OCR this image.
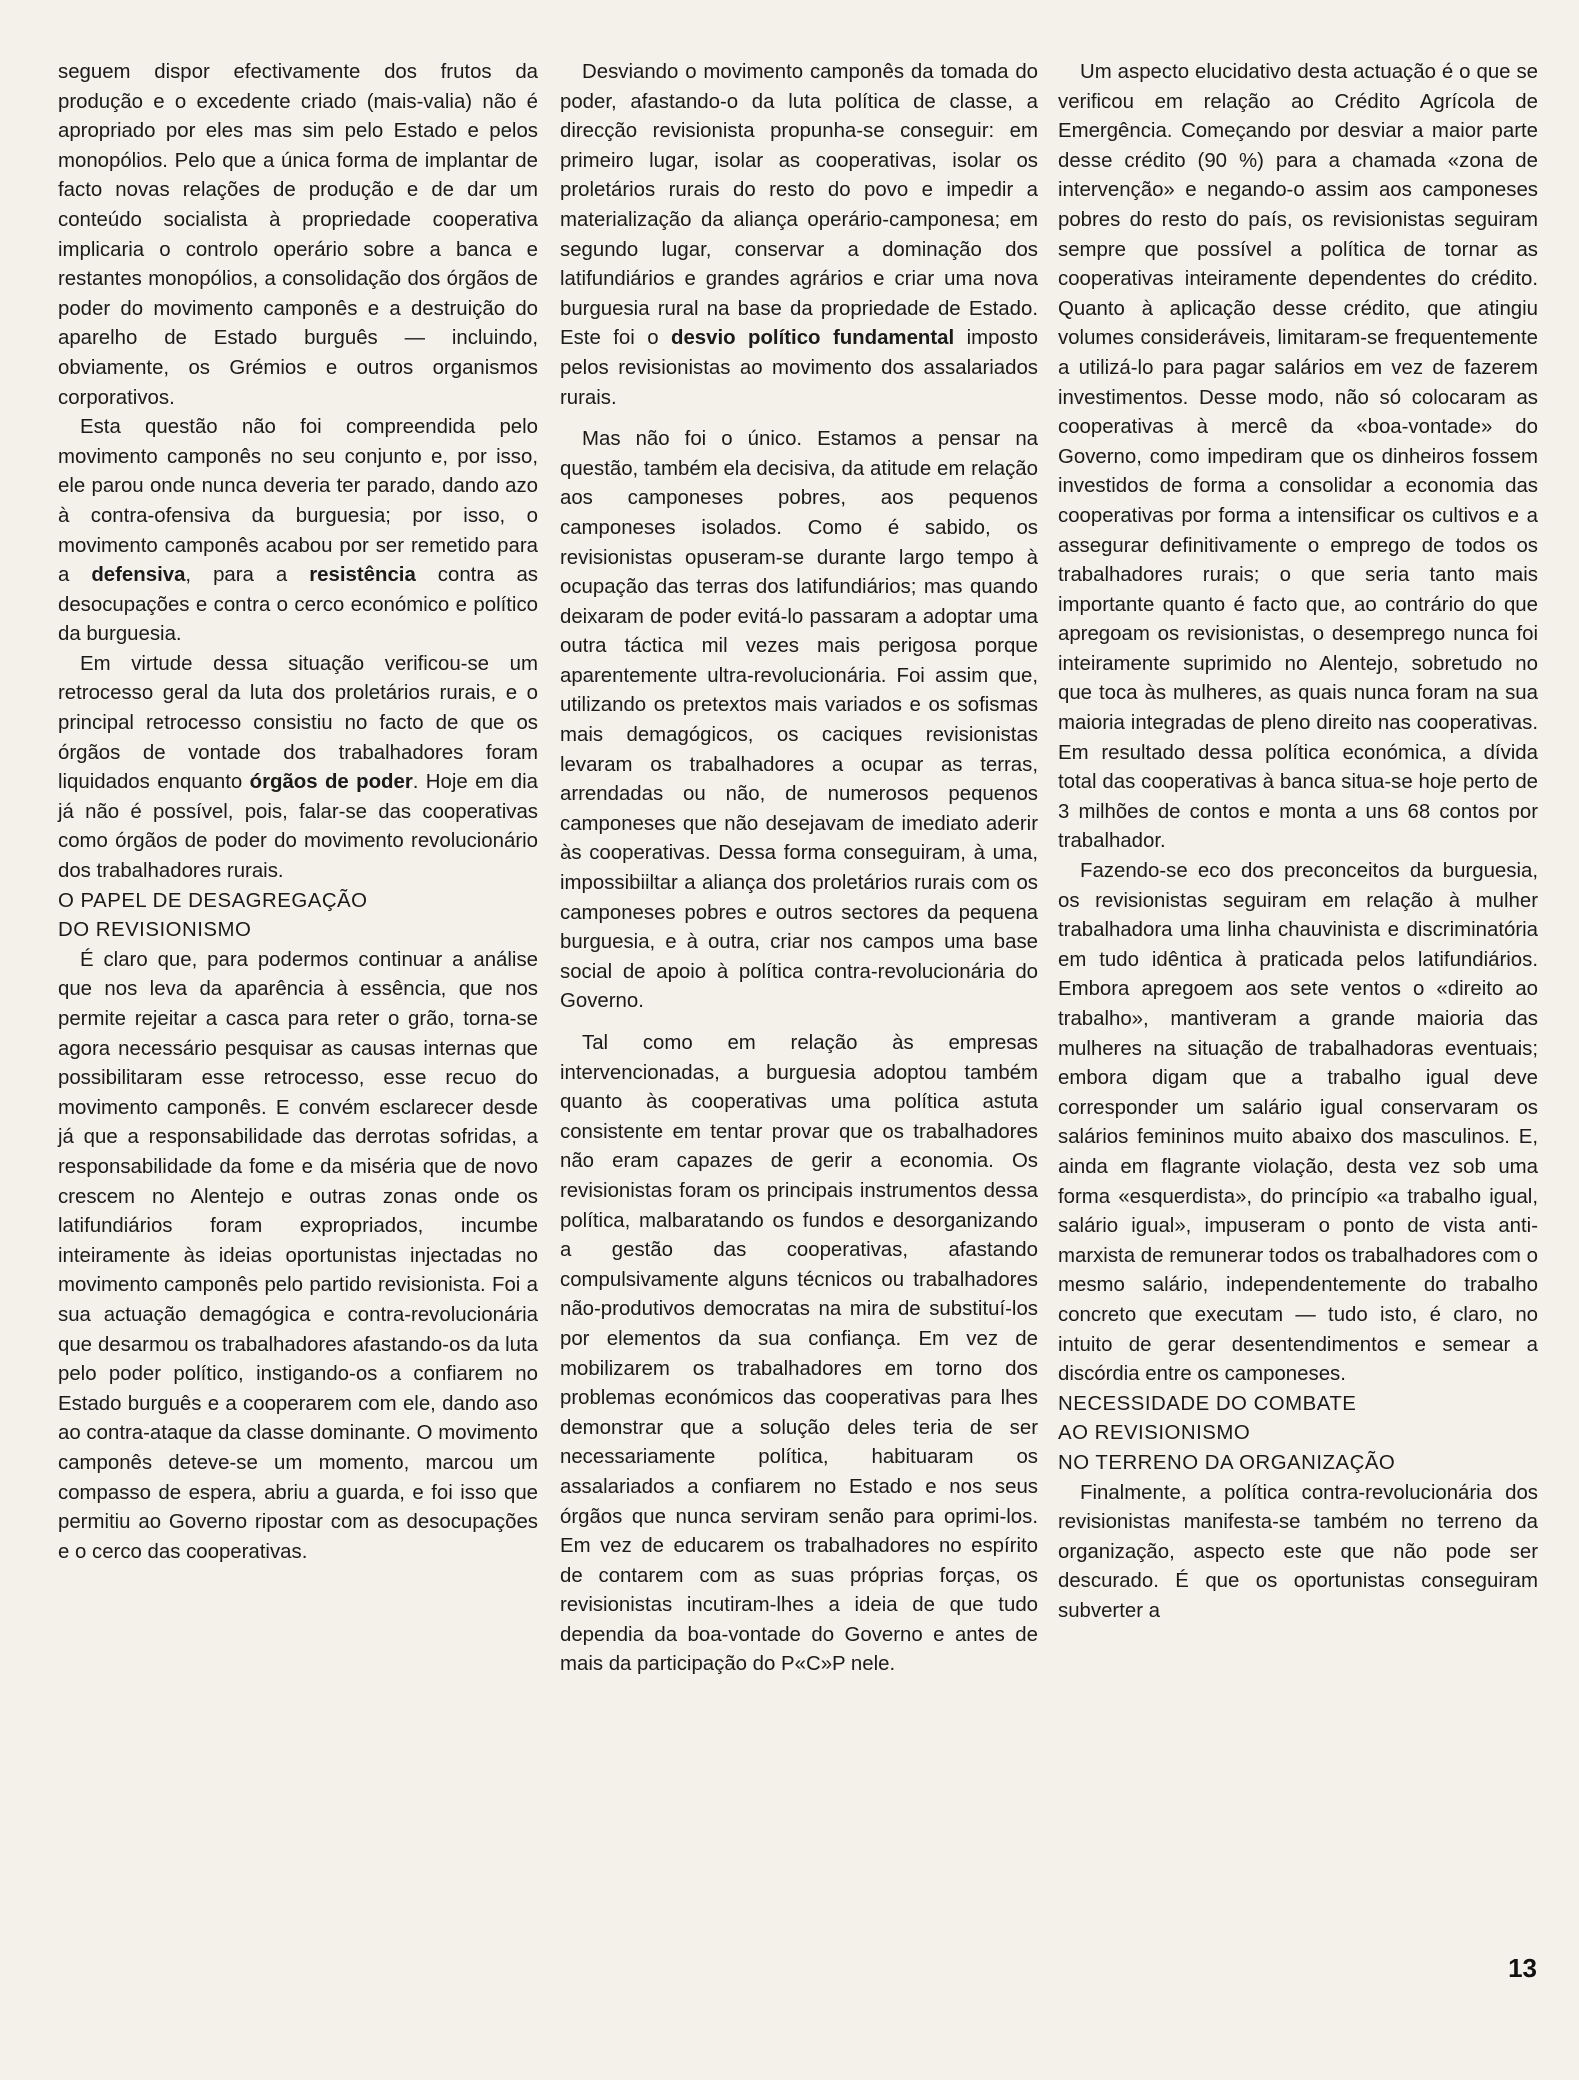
seguem dispor efectivamente dos frutos da produção e o excedente criado (mais-valia) não é apropriado por eles mas sim pelo Estado e pelos monopólios. Pelo que a única forma de implantar de facto novas relações de produção e de dar um conteúdo socialista à propriedade cooperativa implicaria o controlo operário sobre a banca e restantes monopólios, a consolidação dos órgãos de poder do movimento camponês e a destruição do aparelho de Estado burguês — incluindo, obviamente, os Grémios e outros organismos corporativos.

Esta questão não foi compreendida pelo movimento camponês no seu conjunto e, por isso, ele parou onde nunca deveria ter parado, dando azo à contra-ofensiva da burguesia; por isso, o movimento camponês acabou por ser remetido para a defensiva, para a resistência contra as desocupações e contra o cerco económico e político da burguesia.

Em virtude dessa situação verificou-se um retrocesso geral da luta dos proletários rurais, e o principal retrocesso consistiu no facto de que os órgãos de vontade dos trabalhadores foram liquidados enquanto órgãos de poder. Hoje em dia já não é possível, pois, falar-se das cooperativas como órgãos de poder do movimento revolucionário dos trabalhadores rurais.

O PAPEL DE DESAGREGAÇÃO
DO REVISIONISMO

É claro que, para podermos continuar a análise que nos leva da aparência à essência, que nos permite rejeitar a casca para reter o grão, torna-se agora necessário pesquisar as causas internas que possibilitaram esse retrocesso, esse recuo do movimento camponês. E convém esclarecer desde já que a responsabilidade das derrotas sofridas, a responsabilidade da fome e da miséria que de novo crescem no Alentejo e outras zonas onde os latifundiários foram expropriados, incumbe inteiramente às ideias oportunistas injectadas no movimento camponês pelo partido revisionista. Foi a sua actuação demagógica e contra-revolucionária que desarmou os trabalhadores afastando-os da luta pelo poder político, instigando-os a confiarem no Estado burguês e a cooperarem com ele, dando aso ao contra-ataque da classe dominante. O movimento camponês deteve-se um momento, marcou um compasso de espera, abriu a guarda, e foi isso que permitiu ao Governo ripostar com as desocupações e o cerco das cooperativas.

Desviando o movimento camponês da tomada do poder, afastando-o da luta política de classe, a direcção revisionista propunha-se conseguir: em primeiro lugar, isolar as cooperativas, isolar os proletários rurais do resto do povo e impedir a materialização da aliança operário-camponesa; em segundo lugar, conservar a dominação dos latifundiários e grandes agrários e criar uma nova burguesia rural na base da propriedade de Estado. Este foi o desvio político fundamental imposto pelos revisionistas ao movimento dos assalariados rurais.

Mas não foi o único. Estamos a pensar na questão, também ela decisiva, da atitude em relação aos camponeses pobres, aos pequenos camponeses isolados. Como é sabido, os revisionistas opuseram-se durante largo tempo à ocupação das terras dos latifundiários; mas quando deixaram de poder evitá-lo passaram a adoptar uma outra táctica mil vezes mais perigosa porque aparentemente ultra-revolucionária. Foi assim que, utilizando os pretextos mais variados e os sofismas mais demagógicos, os caciques revisionistas levaram os trabalhadores a ocupar as terras, arrendadas ou não, de numerosos pequenos camponeses que não desejavam de imediato aderir às cooperativas. Dessa forma conseguiram, à uma, impossibiiltar a aliança dos proletários rurais com os camponeses pobres e outros sectores da pequena burguesia, e à outra, criar nos campos uma base social de apoio à política contra-revolucionária do Governo.

Tal como em relação às empresas intervencionadas, a burguesia adoptou também quanto às cooperativas uma política astuta consistente em tentar provar que os trabalhadores não eram capazes de gerir a economia. Os revisionistas foram os principais instrumentos dessa política, malbaratando os fundos e desorganizando a gestão das cooperativas, afastando compulsivamente alguns técnicos ou trabalhadores não-produtivos democratas na mira de substituí-los por elementos da sua confiança. Em vez de mobilizarem os trabalhadores em torno dos problemas económicos das cooperativas para lhes demonstrar que a solução deles teria de ser necessariamente política, habituaram os assalariados a confiarem no Estado e nos seus órgãos que nunca serviram senão para oprimi-los. Em vez de educarem os trabalhadores no espírito de contarem com as suas próprias forças, os revisionistas incutiram-lhes a ideia de que tudo dependia da boa-vontade do Governo e antes de mais da participação do P«C»P nele.

Um aspecto elucidativo desta actuação é o que se verificou em relação ao Crédito Agrícola de Emergência. Começando por desviar a maior parte desse crédito (90 %) para a chamada «zona de intervenção» e negando-o assim aos camponeses pobres do resto do país, os revisionistas seguiram sempre que possível a política de tornar as cooperativas inteiramente dependentes do crédito. Quanto à aplicação desse crédito, que atingiu volumes consideráveis, limitaram-se frequentemente a utilizá-lo para pagar salários em vez de fazerem investimentos. Desse modo, não só colocaram as cooperativas à mercê da «boa-vontade» do Governo, como impediram que os dinheiros fossem investidos de forma a consolidar a economia das cooperativas por forma a intensificar os cultivos e a assegurar definitivamente o emprego de todos os trabalhadores rurais; o que seria tanto mais importante quanto é facto que, ao contrário do que apregoam os revisionistas, o desemprego nunca foi inteiramente suprimido no Alentejo, sobretudo no que toca às mulheres, as quais nunca foram na sua maioria integradas de pleno direito nas cooperativas. Em resultado dessa política económica, a dívida total das cooperativas à banca situa-se hoje perto de 3 milhões de contos e monta a uns 68 contos por trabalhador.

Fazendo-se eco dos preconceitos da burguesia, os revisionistas seguiram em relação à mulher trabalhadora uma linha chauvinista e discriminatória em tudo idêntica à praticada pelos latifundiários. Embora apregoem aos sete ventos o «direito ao trabalho», mantiveram a grande maioria das mulheres na situação de trabalhadoras eventuais; embora digam que a trabalho igual deve corresponder um salário igual conservaram os salários femininos muito abaixo dos masculinos. E, ainda em flagrante violação, desta vez sob uma forma «esquerdista», do princípio «a trabalho igual, salário igual», impuseram o ponto de vista anti-marxista de remunerar todos os trabalhadores com o mesmo salário, independentemente do trabalho concreto que executam — tudo isto, é claro, no intuito de gerar desentendimentos e semear a discórdia entre os camponeses.

NECESSIDADE DO COMBATE
AO REVISIONISMO
NO TERRENO DA ORGANIZAÇÃO

Finalmente, a política contra-revolucionária dos revisionistas manifesta-se também no terreno da organização, aspecto este que não pode ser descurado. É que os oportunistas conseguiram subverter a

13
